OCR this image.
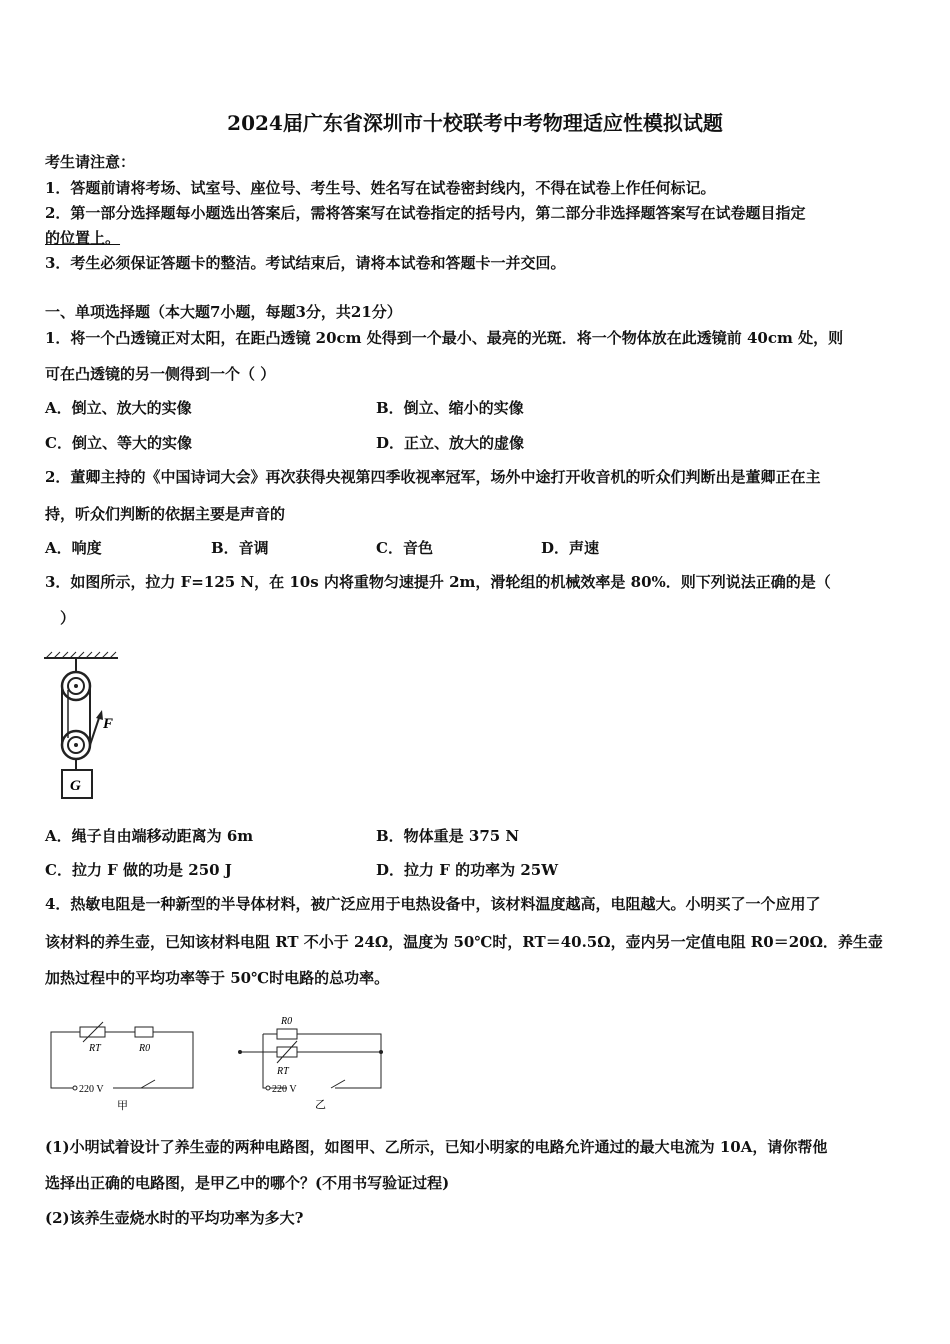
2024届广东省深圳市十校联考中考物理适应性模拟试题
考生请注意：
1．答题前请将考场、试室号、座位号、考生号、姓名写在试卷密封线内，不得在试卷上作任何标记。
2．第一部分选择题每小题选出答案后，需将答案写在试卷指定的括号内，第二部分非选择题答案写在试卷题目指定
的位置上。
3．考生必须保证答题卡的整洁。考试结束后，请将本试卷和答题卡一并交回。
一、单项选择题（本大题7小题，每题3分，共21分）
1．将一个凸透镜正对太阳，在距凸透镜 20cm 处得到一个最小、最亮的光斑．将一个物体放在此透镜前 40cm 处，则
可在凸透镜的另一侧得到一个（ ）
A．倒立、放大的实像	B．倒立、缩小的实像
C．倒立、等大的实像	D．正立、放大的虚像
2．董卿主持的《中国诗词大会》再次获得央视第四季收视率冠军，场外中途打开收音机的听众们判断出是董卿正在主
持，听众们判断的依据主要是声音的
A．响度	B．音调	C．音色	D．声速
3．如图所示，拉力 F=125 N，在 10s 内将重物匀速提升 2m，滑轮组的机械效率是 80%．则下列说法正确的是（
）
F
G
A．绳子自由端移动距离为 6m	B．物体重是 375 N
C．拉力 F 做的功是 250 J	D．拉力 F 的功率为 25W
4．热敏电阻是一种新型的半导体材料，被广泛应用于电热设备中，该材料温度越高，电阻越大。小明买了一个应用了
该材料的养生壶，已知该材料电阻 RT 不小于 24Ω，温度为 50℃时，RT＝40.5Ω，壶内另一定值电阻 R0＝20Ω．养生壶
加热过程中的平均功率等于 50℃时电路的总功率。
RT	R0
220 V
甲
R0
RT
220 V
乙
(1)小明试着设计了养生壶的两种电路图，如图甲、乙所示，已知小明家的电路允许通过的最大电流为 10A，请你帮他
选择出正确的电路图，是甲乙中的哪个？(不用书写验证过程)
(2)该养生壶烧水时的平均功率为多大?
